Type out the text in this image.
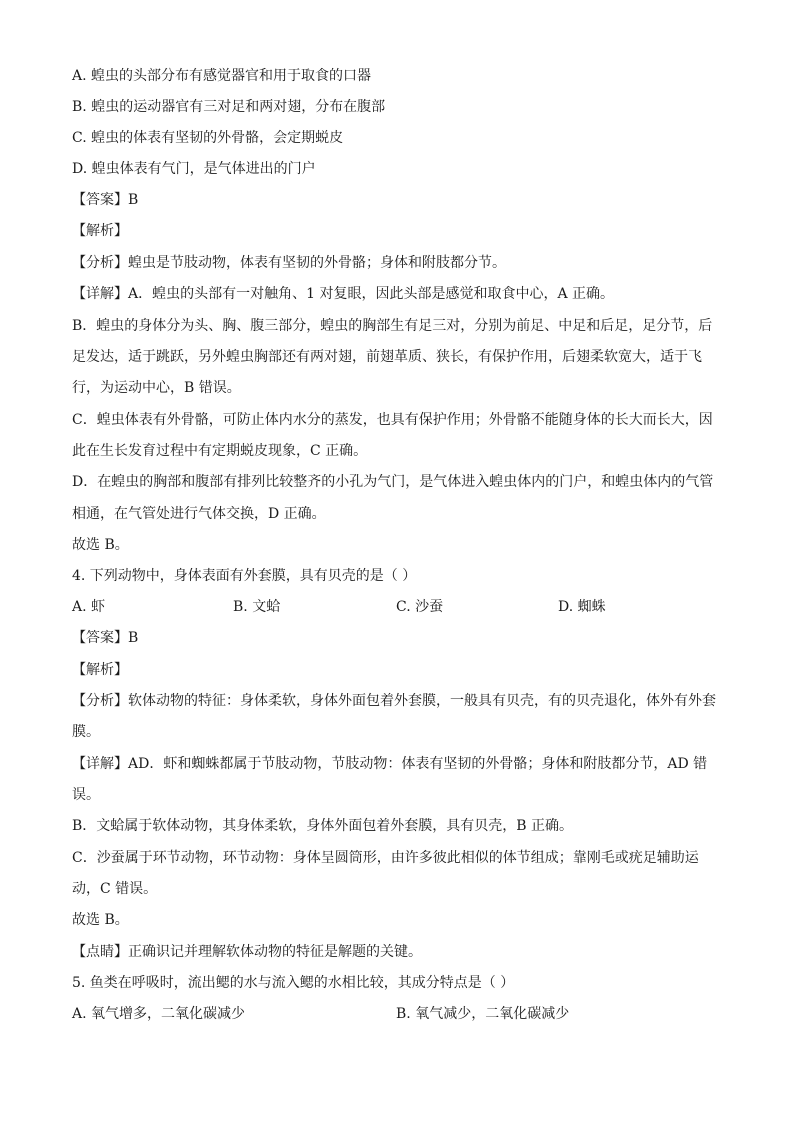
A. 蝗虫的头部分布有感觉器官和用于取食的口器
B. 蝗虫的运动器官有三对足和两对翅，分布在腹部
C. 蝗虫的体表有坚韧的外骨骼，会定期蜕皮
D. 蝗虫体表有气门，是气体进出的门户
【答案】B
【解析】
【分析】蝗虫是节肢动物，体表有坚韧的外骨骼；身体和附肢都分节。
【详解】A．蝗虫的头部有一对触角、1 对复眼，因此头部是感觉和取食中心，A 正确。
B．蝗虫的身体分为头、胸、腹三部分，蝗虫的胸部生有足三对，分别为前足、中足和后足，足分节，后
足发达，适于跳跃，另外蝗虫胸部还有两对翅，前翅革质、狭长，有保护作用，后翅柔软宽大，适于飞
行，为运动中心，B 错误。
C．蝗虫体表有外骨骼，可防止体内水分的蒸发，也具有保护作用；外骨骼不能随身体的长大而长大，因
此在生长发育过程中有定期蜕皮现象，C 正确。
D．在蝗虫的胸部和腹部有排列比较整齐的小孔为气门，是气体进入蝗虫体内的门户，和蝗虫体内的气管
相通，在气管处进行气体交换，D 正确。
故选 B。
4. 下列动物中，身体表面有外套膜，具有贝壳的是（ ）
A. 虾	B. 文蛤	C. 沙蚕	D. 蜘蛛
【答案】B
【解析】
【分析】软体动物的特征：身体柔软，身体外面包着外套膜，一般具有贝壳，有的贝壳退化，体外有外套
膜。
【详解】AD．虾和蜘蛛都属于节肢动物，节肢动物：体表有坚韧的外骨骼；身体和附肢都分节，AD 错
误。
B．文蛤属于软体动物，其身体柔软，身体外面包着外套膜，具有贝壳，B 正确。
C．沙蚕属于环节动物，环节动物：身体呈圆筒形，由许多彼此相似的体节组成；靠刚毛或疣足辅助运
动，C 错误。
故选 B。
【点睛】正确识记并理解软体动物的特征是解题的关键。
5. 鱼类在呼吸时，流出鳃的水与流入鳃的水相比较，其成分特点是（ ）
A. 氧气增多，二氧化碳减少	B. 氧气减少，二氧化碳减少
